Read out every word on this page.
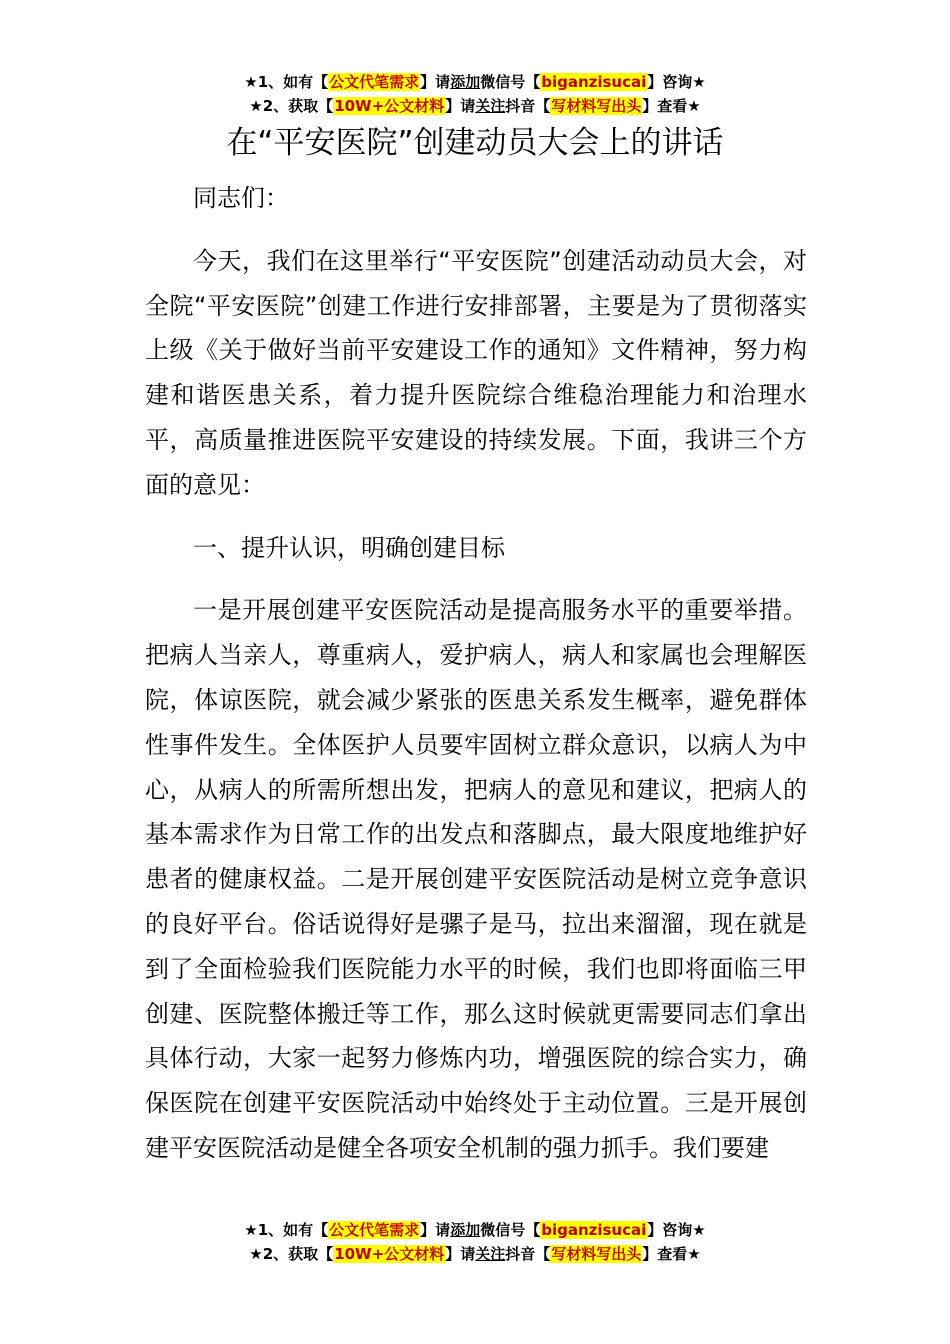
★1、如有【公文代笔需求】请添加微信号【biganzisucai】咨询★
★2、获取【10W+公文材料】请关注抖音【写材料写出头】查看★
在“平安医院”创建动员大会上的讲话

同志们：

今天，我们在这里举行“平安医院”创建活动动员大会，对全院“平安医院”创建工作进行安排部署，主要是为了贯彻落实上级《关于做好当前平安建设工作的通知》文件精神，努力构建和谐医患关系，着力提升医院综合维稳治理能力和治理水平，高质量推进医院平安建设的持续发展。下面，我讲三个方面的意见：

一、提升认识，明确创建目标

一是开展创建平安医院活动是提高服务水平的重要举措。把病人当亲人，尊重病人，爱护病人，病人和家属也会理解医院，体谅医院，就会减少紧张的医患关系发生概率，避免群体性事件发生。全体医护人员要牢固树立群众意识，以病人为中心，从病人的所需所想出发，把病人的意见和建议，把病人的基本需求作为日常工作的出发点和落脚点，最大限度地维护好患者的健康权益。二是开展创建平安医院活动是树立竞争意识的良好平台。俗话说得好是骡子是马，拉出来溜溜，现在就是到了全面检验我们医院能力水平的时候，我们也即将面临三甲创建、医院整体搬迁等工作，那么这时候就更需要同志们拿出具体行动，大家一起努力修炼内功，增强医院的综合实力，确保医院在创建平安医院活动中始终处于主动位置。三是开展创建平安医院活动是健全各项安全机制的强力抓手。我们要建

★1、如有【公文代笔需求】请添加微信号【biganzisucai】咨询★
★2、获取【10W+公文材料】请关注抖音【写材料写出头】查看★
